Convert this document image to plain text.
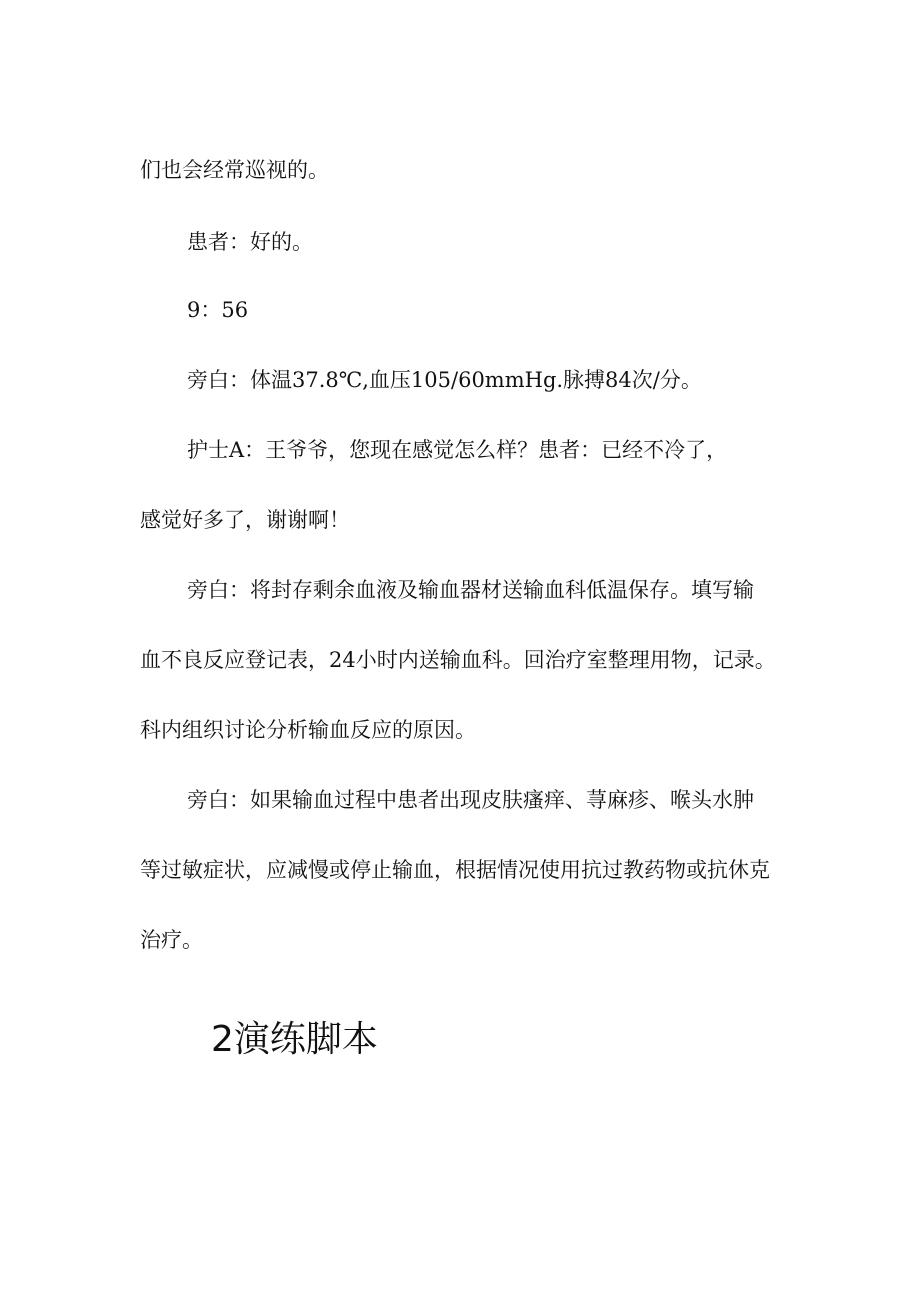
们也会经常巡视的。

患者：好的。

9：56

旁白：体温37.8℃,血压105/60mmHg.脉搏84次/分。

护士A：王爷爷，您现在感觉怎么样？患者：已经不冷了，

感觉好多了，谢谢啊！

旁白：将封存剩余血液及输血器材送输血科低温保存。填写输

血不良反应登记表，24小时内送输血科。回治疗室整理用物，记录。

科内组织讨论分析输血反应的原因。

旁白：如果输血过程中患者出现皮肤瘙痒、荨麻疹、喉头水肿

等过敏症状，应减慢或停止输血，根据情况使用抗过教药物或抗休克

治疗。

2演练脚本
